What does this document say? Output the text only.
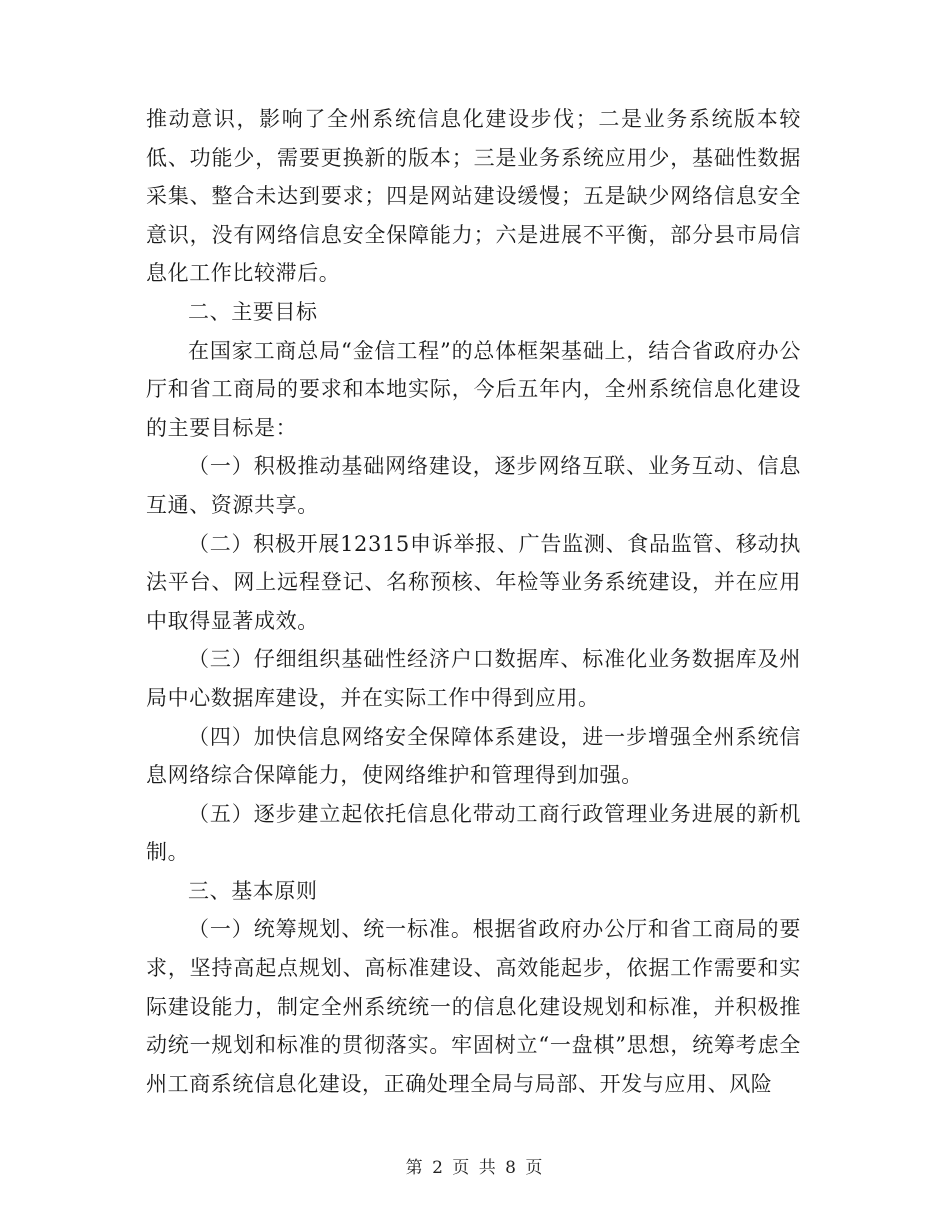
推动意识，影响了全州系统信息化建设步伐；二是业务系统版本较低、功能少，需要更换新的版本；三是业务系统应用少，基础性数据采集、整合未达到要求；四是网站建设缓慢；五是缺少网络信息安全意识，没有网络信息安全保障能力；六是进展不平衡，部分县市局信息化工作比较滞后。

二、主要目标

在国家工商总局“金信工程”的总体框架基础上，结合省政府办公厅和省工商局的要求和本地实际，今后五年内，全州系统信息化建设的主要目标是：

（一）积极推动基础网络建设，逐步网络互联、业务互动、信息互通、资源共享。

（二）积极开展12315申诉举报、广告监测、食品监管、移动执法平台、网上远程登记、名称预核、年检等业务系统建设，并在应用中取得显著成效。

（三）仔细组织基础性经济户口数据库、标准化业务数据库及州局中心数据库建设，并在实际工作中得到应用。

（四）加快信息网络安全保障体系建设，进一步增强全州系统信息网络综合保障能力，使网络维护和管理得到加强。

（五）逐步建立起依托信息化带动工商行政管理业务进展的新机制。

三、基本原则

（一）统筹规划、统一标准。根据省政府办公厅和省工商局的要求，坚持高起点规划、高标准建设、高效能起步，依据工作需要和实际建设能力，制定全州系统统一的信息化建设规划和标准，并积极推动统一规划和标准的贯彻落实。牢固树立“一盘棋”思想，统筹考虑全州工商系统信息化建设，正确处理全局与局部、开发与应用、风险

第 2 页 共 8 页
